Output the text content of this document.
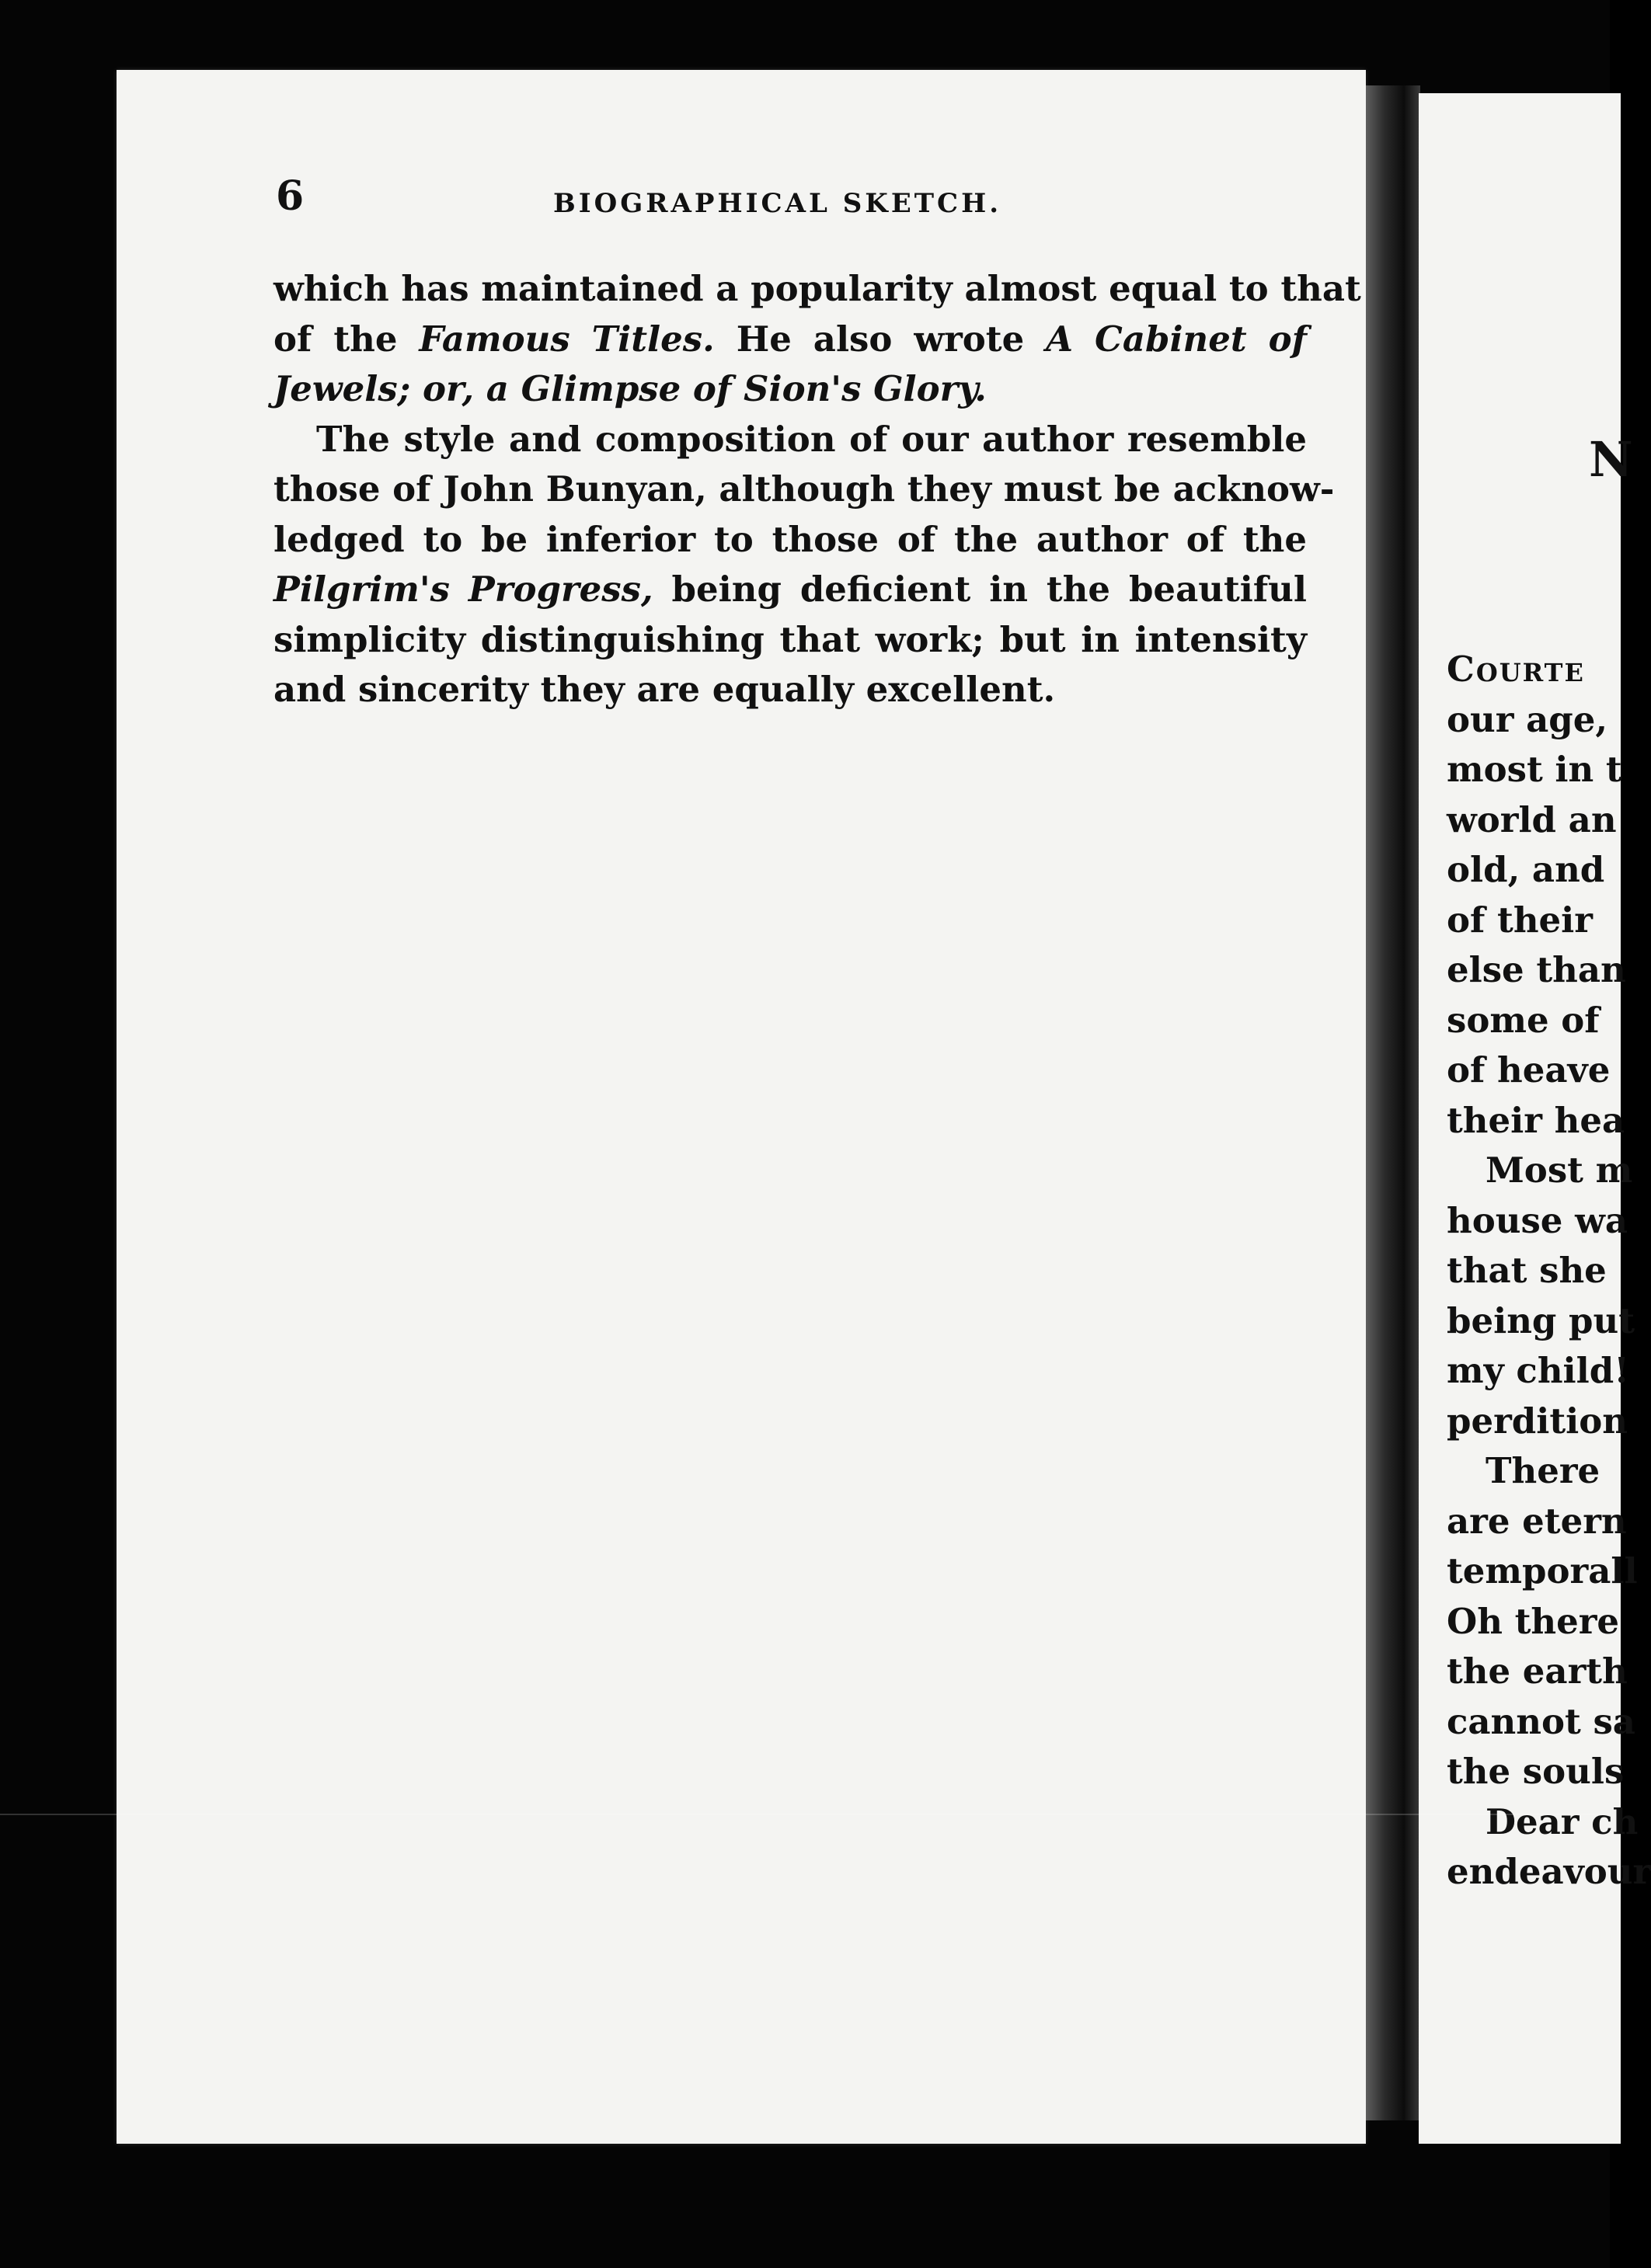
6	BIOGRAPHICAL SKETCH.
which has maintained a popularity almost equal to that
of the Famous Titles. He also wrote A Cabinet of
Jewels; or, a Glimpse of Sion's Glory.
The style and composition of our author resemble
those of John Bunyan, although they must be acknow-
ledged to be inferior to those of the author of the
Pilgrim's Progress, being deficient in the beautiful
simplicity distinguishing that work; but in intensity
and sincerity they are equally excellent.
N
Courte
our age,
most in t
world an
old, and
of their
else than
some of
of heave
their hea
Most m
house wa
that she
being put
my child!
perdition
There
are etern
temporall
Oh there
the earth
cannot sa
the souls
Dear ch
endeavour
